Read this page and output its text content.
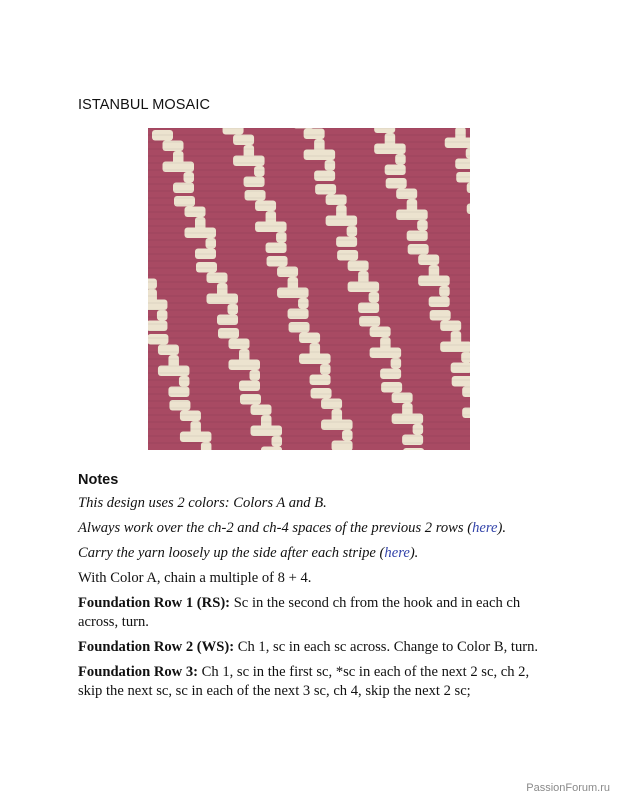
ISTANBUL MOSAIC
Notes

This design uses 2 colors: Colors A and B.

Always work over the ch-2 and ch-4 spaces of the previous 2 rows (here).

Carry the yarn loosely up the side after each stripe (here).

With Color A, chain a multiple of 8 + 4.

Foundation Row 1 (RS): Sc in the second ch from the hook and in each ch across, turn.

Foundation Row 2 (WS): Ch 1, sc in each sc across. Change to Color B, turn.

Foundation Row 3: Ch 1, sc in the first sc, *sc in each of the next 2 sc, ch 2, skip the next sc, sc in each of the next 3 sc, ch 4, skip the next 2 sc;

PassionForum.ru
